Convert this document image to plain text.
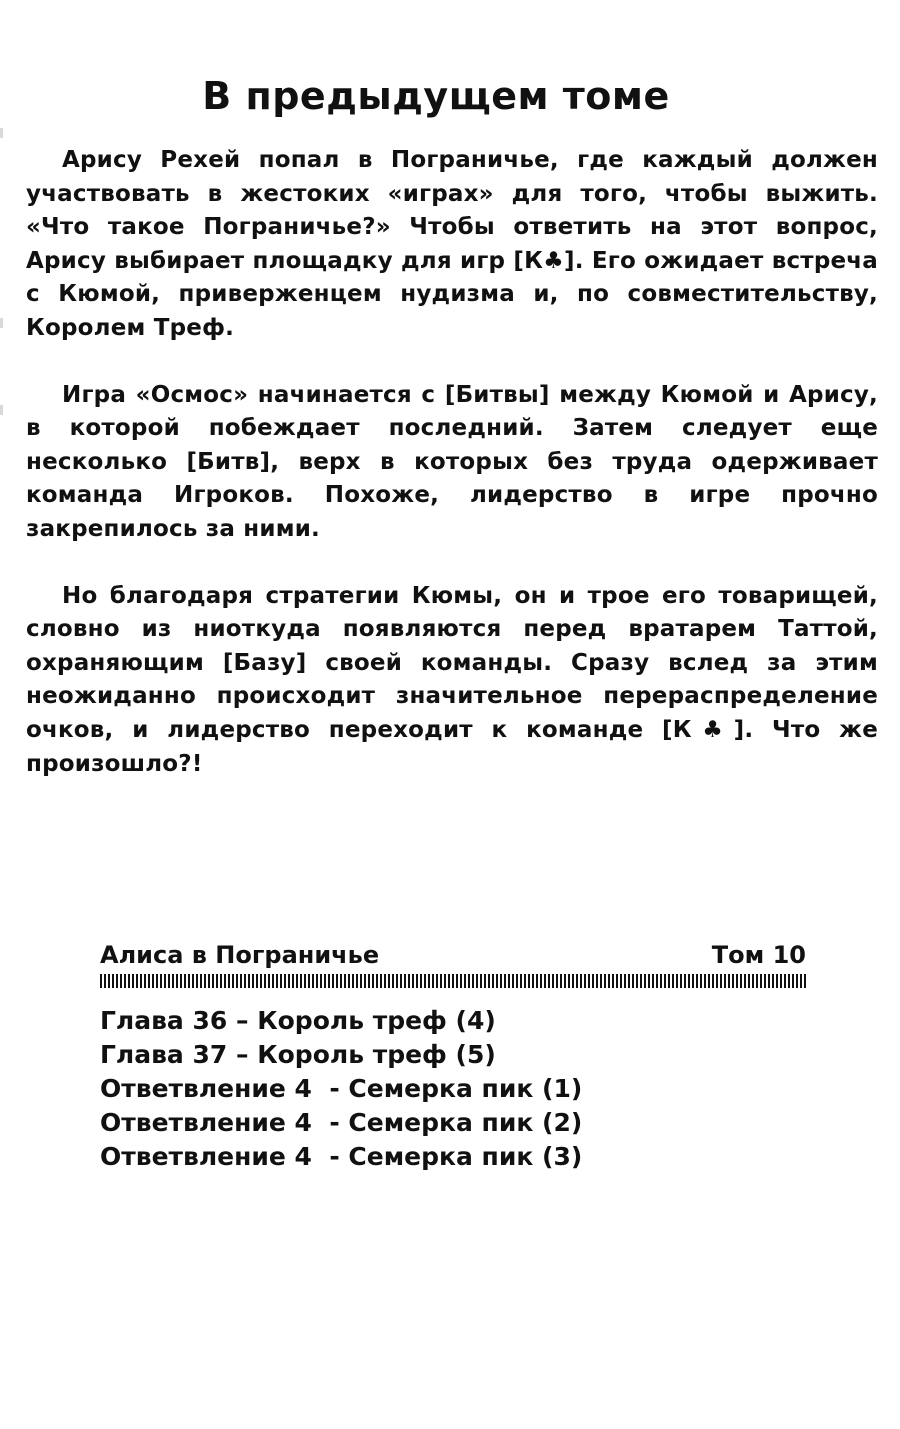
В предыдущем томе

Арису Рехей попал в Пограничье, где каждый должен участвовать в жестоких «играх» для того, чтобы выжить. «Что такое Пограничье?» Чтобы ответить на этот вопрос, Арису выбирает площадку для игр [К♣]. Его ожидает встреча с Кюмой, приверженцем нудизма и, по совместительству, Королем Треф.

Игра «Осмос» начинается с [Битвы] между Кюмой и Арису, в которой побеждает последний. Затем следует еще несколько [Битв], верх в которых без труда одерживает команда Игроков. Похоже, лидерство в игре прочно закрепилось за ними.

Но благодаря стратегии Кюмы, он и трое его товарищей, словно из ниоткуда появляются перед вратарем Таттой, охраняющим [Базу] своей команды. Сразу вслед за этим неожиданно происходит значительное перераспределение очков, и лидерство переходит к команде [К♣]. Что же произошло?!

Алиса в Пограничье	Том 10
Глава 36 – Король треф (4)
Глава 37 – Король треф (5)
Ответвление 4  - Семерка пик (1)
Ответвление 4  - Семерка пик (2)
Ответвление 4  - Семерка пик (3)
